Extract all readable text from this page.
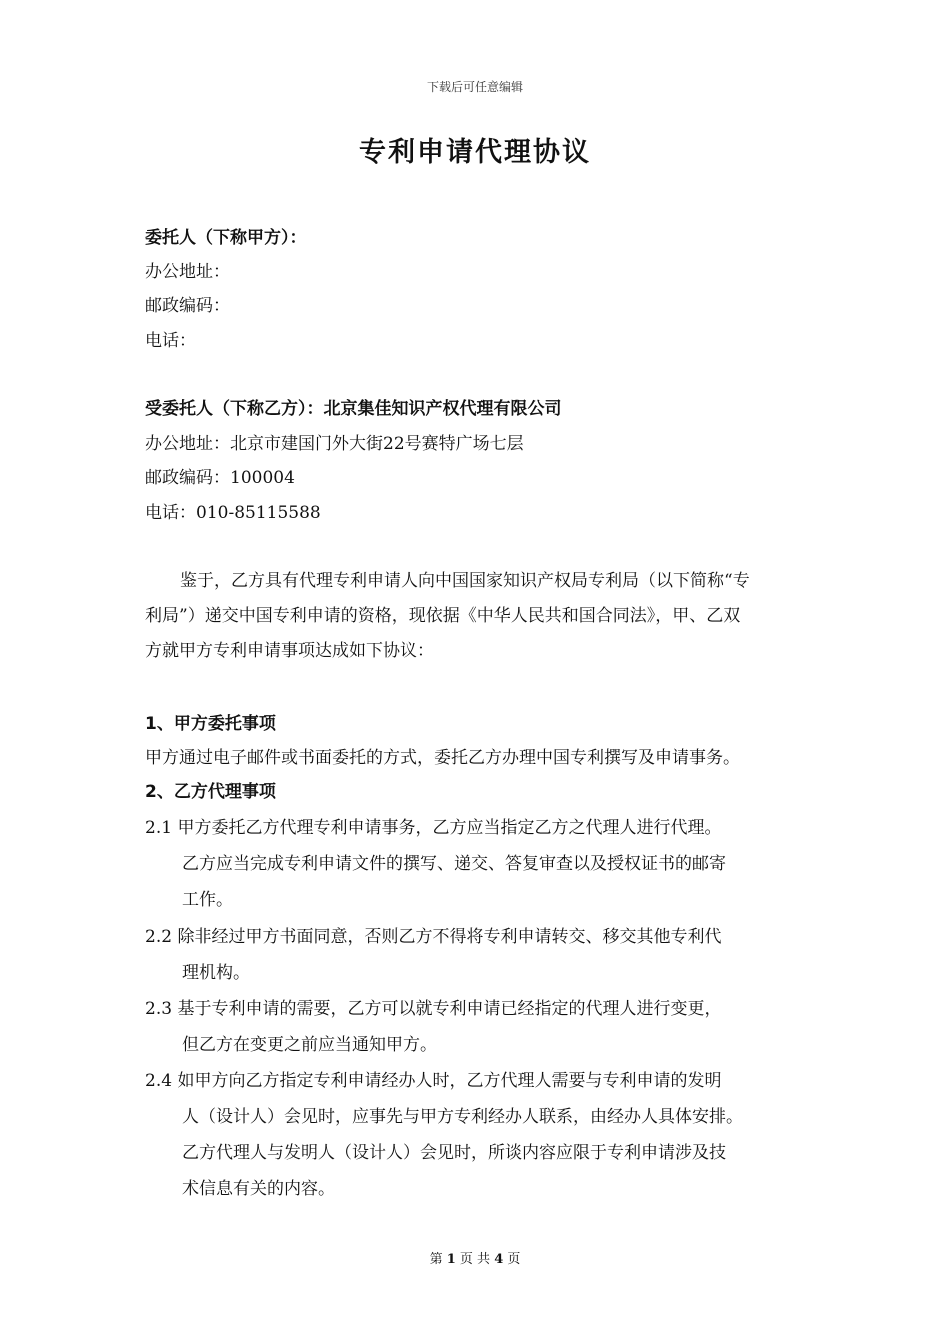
下载后可任意编辑
专利申请代理协议
委托人（下称甲方）：
办公地址：
邮政编码：
电话：
受委托人（下称乙方）：北京集佳知识产权代理有限公司
办公地址：北京市建国门外大街22号赛特广场七层
邮政编码：100004
电话：010-85115588
鉴于，乙方具有代理专利申请人向中国国家知识产权局专利局（以下简称“专
利局”）递交中国专利申请的资格，现依据《中华人民共和国合同法》，甲、乙双
方就甲方专利申请事项达成如下协议：
1、甲方委托事项
甲方通过电子邮件或书面委托的方式，委托乙方办理中国专利撰写及申请事务。
2、乙方代理事项
2.1 甲方委托乙方代理专利申请事务，乙方应当指定乙方之代理人进行代理。
乙方应当完成专利申请文件的撰写、递交、答复审查以及授权证书的邮寄
工作。
2.2 除非经过甲方书面同意，否则乙方不得将专利申请转交、移交其他专利代
理机构。
2.3 基于专利申请的需要，乙方可以就专利申请已经指定的代理人进行变更，
但乙方在变更之前应当通知甲方。
2.4 如甲方向乙方指定专利申请经办人时，乙方代理人需要与专利申请的发明
人（设计人）会见时，应事先与甲方专利经办人联系，由经办人具体安排。
乙方代理人与发明人（设计人）会见时，所谈内容应限于专利申请涉及技
术信息有关的内容。
第 1 页 共 4 页
